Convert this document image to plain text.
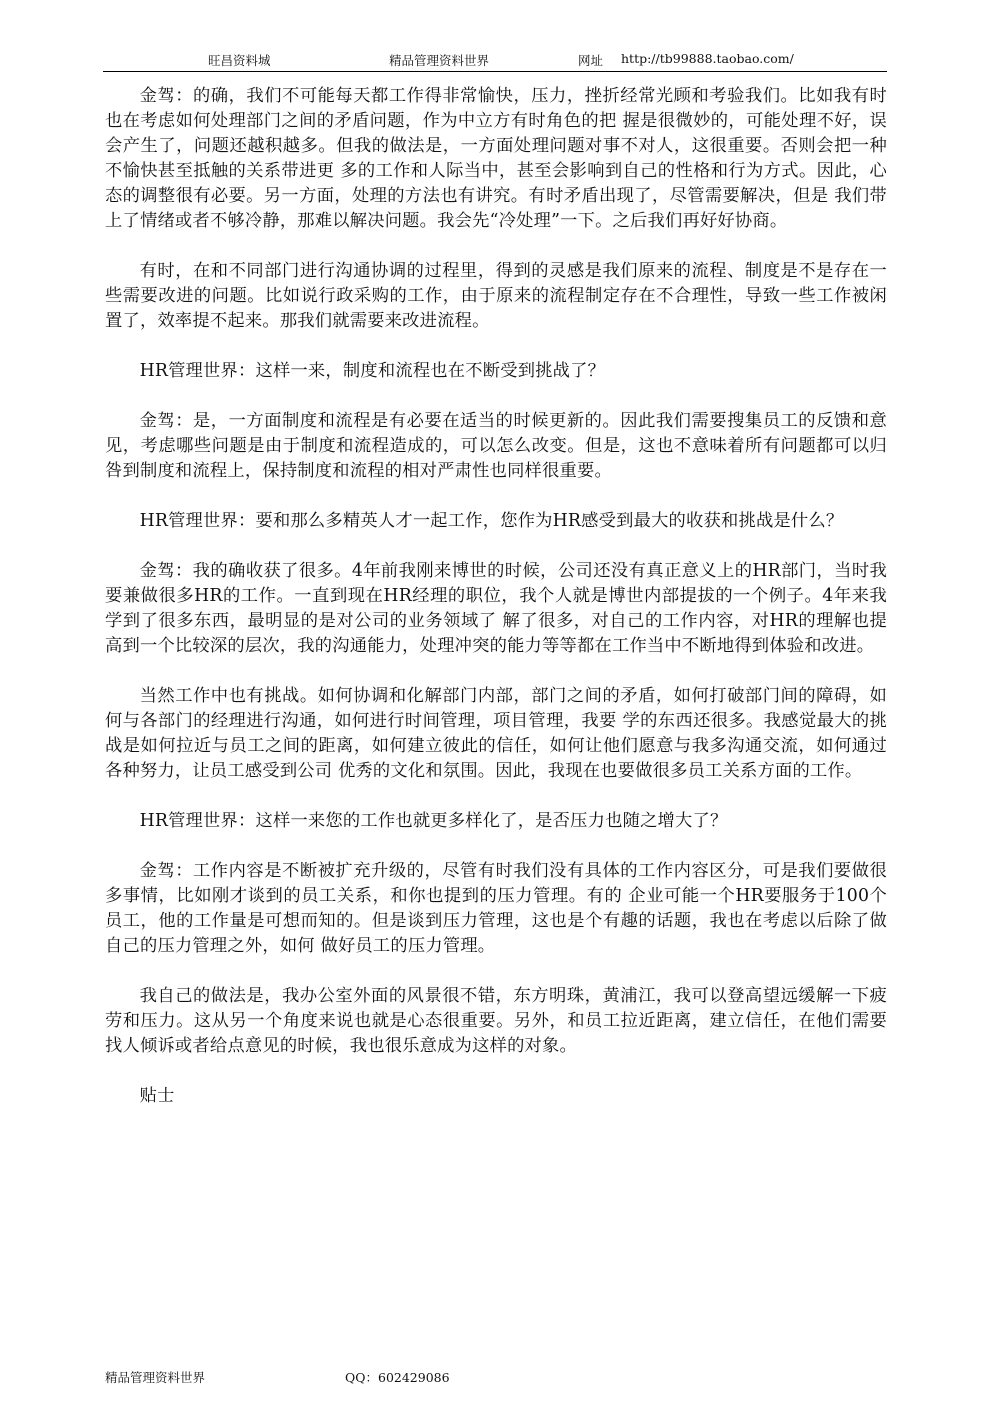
旺昌资料城	精品管理资料世界	网址 http://tb99888.taobao.com/

金驾：的确，我们不可能每天都工作得非常愉快，压力，挫折经常光顾和考验我们。比如我有时也在考虑如何处理部门之间的矛盾问题，作为中立方有时角色的把 握是很微妙的，可能处理不好，误会产生了，问题还越积越多。但我的做法是，一方面处理问题对事不对人，这很重要。否则会把一种不愉快甚至抵触的关系带进更 多的工作和人际当中，甚至会影响到自己的性格和行为方式。因此，心态的调整很有必要。另一方面，处理的方法也有讲究。有时矛盾出现了，尽管需要解决，但是 我们带上了情绪或者不够冷静，那难以解决问题。我会先“冷处理”一下。之后我们再好好协商。

有时，在和不同部门进行沟通协调的过程里，得到的灵感是我们原来的流程、制度是不是存在一些需要改进的问题。比如说行政采购的工作，由于原来的流程制定存在不合理性，导致一些工作被闲置了，效率提不起来。那我们就需要来改进流程。

HR管理世界：这样一来，制度和流程也在不断受到挑战了？

金驾：是，一方面制度和流程是有必要在适当的时候更新的。因此我们需要搜集员工的反馈和意见，考虑哪些问题是由于制度和流程造成的，可以怎么改变。但是，这也不意味着所有问题都可以归咎到制度和流程上，保持制度和流程的相对严肃性也同样很重要。

HR管理世界：要和那么多精英人才一起工作，您作为HR感受到最大的收获和挑战是什么？

金驾：我的确收获了很多。4年前我刚来博世的时候，公司还没有真正意义上的HR部门，当时我要兼做很多HR的工作。一直到现在HR经理的职位，我个人就是博世内部提拔的一个例子。4年来我学到了很多东西，最明显的是对公司的业务领域了 解了很多，对自己的工作内容，对HR的理解也提高到一个比较深的层次，我的沟通能力，处理冲突的能力等等都在工作当中不断地得到体验和改进。

当然工作中也有挑战。如何协调和化解部门内部，部门之间的矛盾，如何打破部门间的障碍，如何与各部门的经理进行沟通，如何进行时间管理，项目管理，我要 学的东西还很多。我感觉最大的挑战是如何拉近与员工之间的距离，如何建立彼此的信任，如何让他们愿意与我多沟通交流，如何通过各种努力，让员工感受到公司 优秀的文化和氛围。因此，我现在也要做很多员工关系方面的工作。

HR管理世界：这样一来您的工作也就更多样化了，是否压力也随之增大了？

金驾：工作内容是不断被扩充升级的，尽管有时我们没有具体的工作内容区分，可是我们要做很多事情，比如刚才谈到的员工关系，和你也提到的压力管理。有的 企业可能一个HR要服务于100个员工，他的工作量是可想而知的。但是谈到压力管理，这也是个有趣的话题，我也在考虑以后除了做自己的压力管理之外，如何 做好员工的压力管理。

我自己的做法是，我办公室外面的风景很不错，东方明珠，黄浦江，我可以登高望远缓解一下疲劳和压力。这从另一个角度来说也就是心态很重要。另外，和员工拉近距离，建立信任，在他们需要找人倾诉或者给点意见的时候，我也很乐意成为这样的对象。

贴士

精品管理资料世界	QQ：602429086
